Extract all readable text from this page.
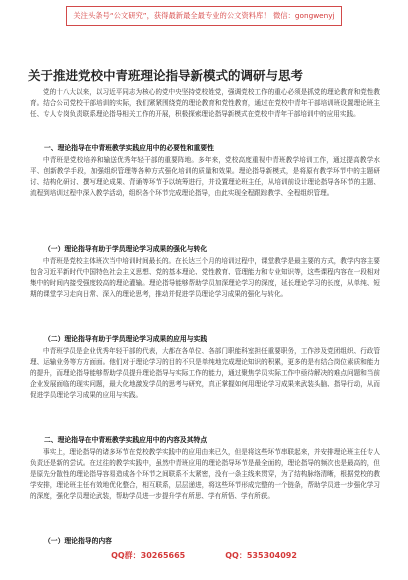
关注头条号“公文研究”，获得最新最全最专业的公文资料库！ 微信：gongwenyj
关于推进党校中青班理论指导新模式的调研与思考

党的十八大以来，以习近平同志为核心的党中央坚持党校姓党，强调党校工作的重心必须是抓党的理论教育和党性教育。结合公司党校干部培训的实际，我们紧紧围绕党的理论教育和党性教育，通过在党校中青年干部培训班设置理论班主任、专人专岗负责联系理论指导相关工作的开展，积极探索理论指导新模式在党校中青年干部培训中的应用实践。

一、理论指导在中青班教学实践应用中的必要性和重要性

中青班是党校培养和输送优秀年轻干部的重要阵地。多年来，党校高度重视中青班教学培训工作，通过提高教学水平、创新教学手段，加强组织管理等各种方式强化培训的质量和效果。理论指导新模式，是将原有教学环节中的主题研讨、结构化研讨、撰写理论成果、背诵等环节予以统筹进行，并设置理论班主任，从培训前设计理论指导各环节的主题、流程到培训过程中深入教学活动，组织各个环节完成理论指导，由此实现全程跟踪教学、全程组织管理。

（一）理论指导有助于学员理论学习成果的强化与转化

中青班是党校主体班次当中培训时间最长的。在长达三个月的培训过程中，课堂教学是最主要的方式，教学内容主要包含习近平新时代中国特色社会主义思想、党的基本理论、党性教育、管理能力和专业知识等，这些课程内容在一段相对集中的时间内接受强度较高的理论灌输。理论指导能够帮助学员加深理论学习的深度，延长理论学习的长度，从单纯、短期的课堂学习走向日常、深入的理论思考，推动并促进学员理论学习成果的强化与转化。

（二）理论指导有助于学员理论学习成果的应用与实践

中青班学员是企业优秀年轻干部的代表，大都在各单位、各部门职能科室担任重要职务，工作涉及党团组织、行政管理、运输业务等方方面面。他们对于理论学习的目的不只是单纯地完成理论知识的积累，更多的是有结合岗位素质和能力的提升，而理论指导能够帮助学员提升理论指导与实际工作的能力，通过聚焦学员实际工作中亟待解决的难点问题和当前企业发展面临的现实问题，最大化地激发学员的思考与研究，真正掌握如何用理论学习成果来武装头脑、指导行动，从而促进学员理论学习成果的应用与实践。

二、理论指导在中青班教学实践应用中的内容及其特点

事实上，理论指导的诸多环节在党校教学实践中的应用由来已久，但是将这些环节串联起来，并安排理论班主任专人负责还是新的尝试。在过往的教学实践中，虽然中青班应用的理论指导环节是最全面的，理论指导的频次也是最高的，但是原先分散性的理论指导容易造成各个环节之间联系不太紧密，没有一条主线来贯穿，为了结构脉络清晰，根据党校的教学安排，理论班主任有效地优化整合，相互联系，层层递进，将这些环节形成完整的一个链条，帮助学员进一步强化学习的深度，强化学员理论武装，帮助学员进一步提升学有所思、学有所悟、学有所获。

（一）理论指导的内容
QQ群：30265665	QQ：535304092
